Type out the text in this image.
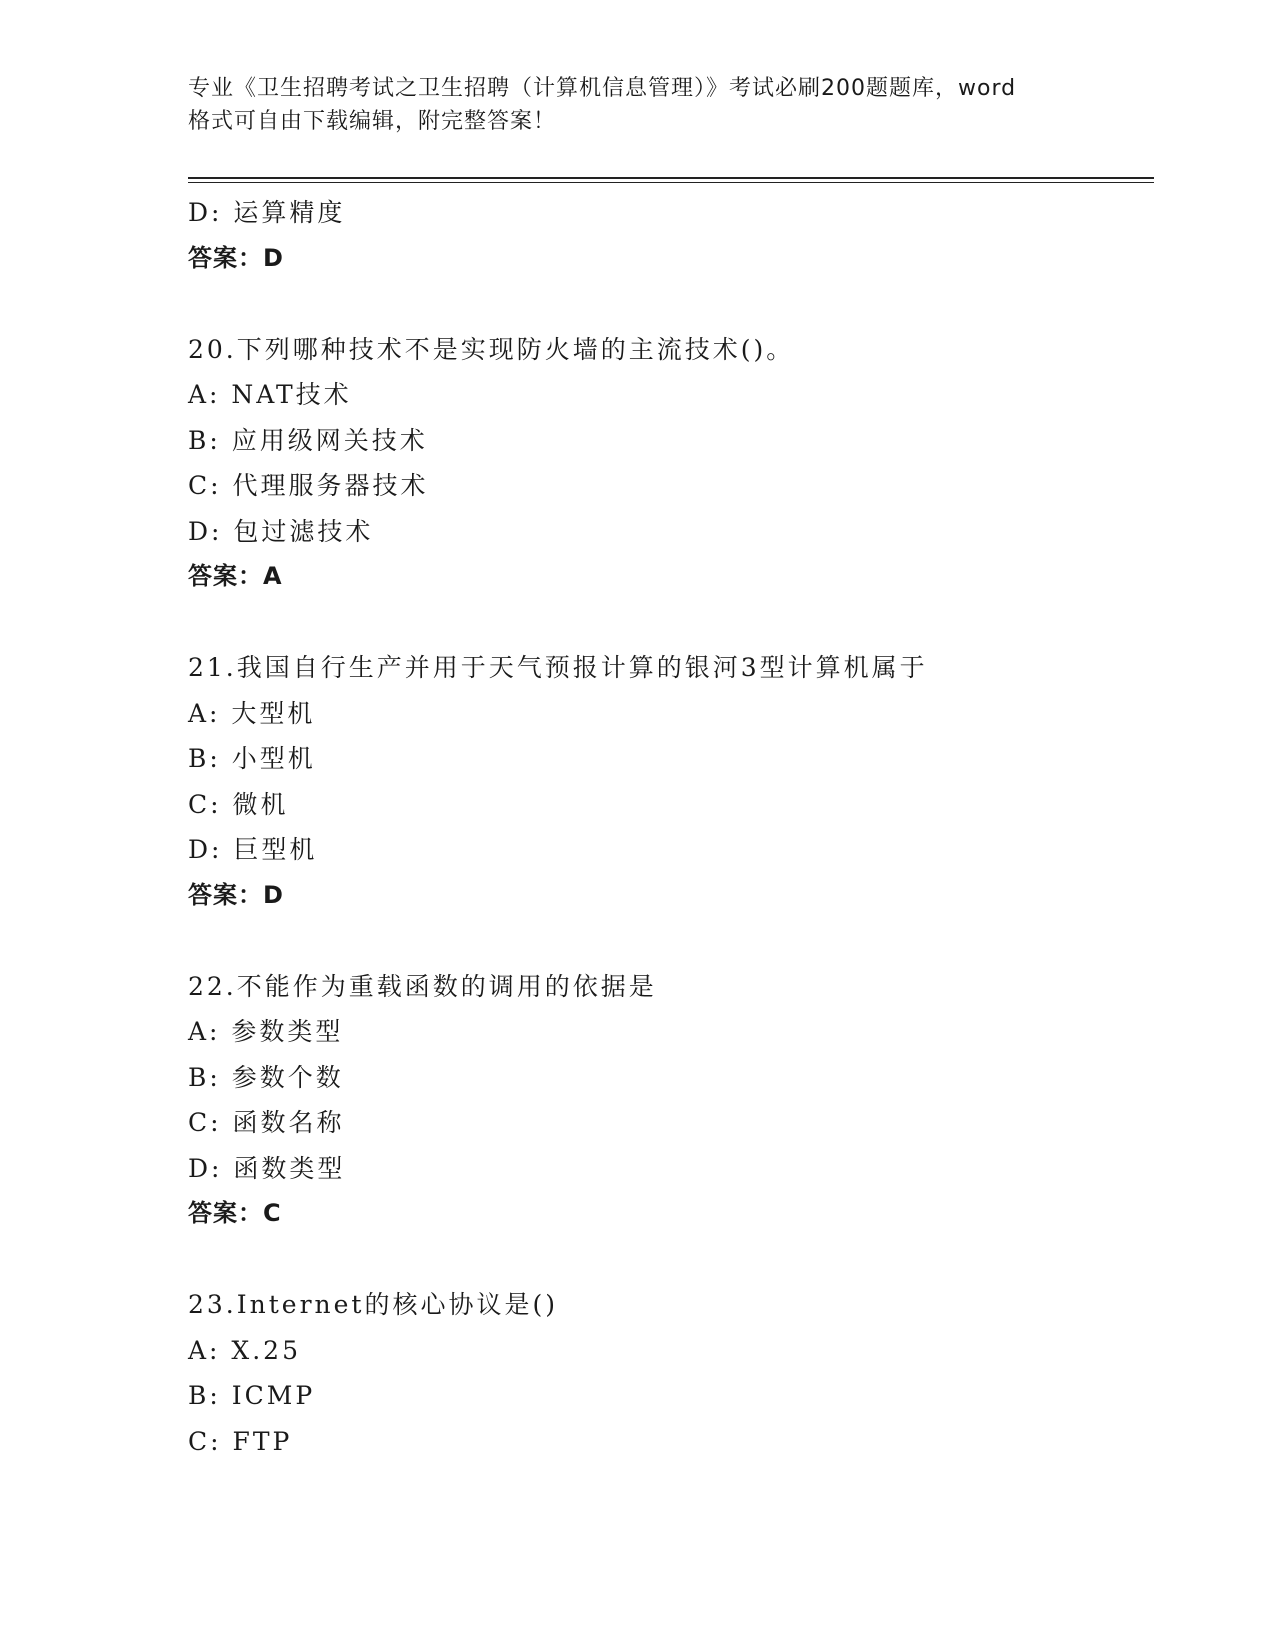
专业《卫生招聘考试之卫生招聘（计算机信息管理）》考试必刷200题题库，word
格式可自由下载编辑，附完整答案！
D: 运算精度
答案：D
20.下列哪种技术不是实现防火墙的主流技术()。
A: NAT技术
B: 应用级网关技术
C: 代理服务器技术
D: 包过滤技术
答案：A
21.我国自行生产并用于天气预报计算的银河3型计算机属于
A: 大型机
B: 小型机
C: 微机
D: 巨型机
答案：D
22.不能作为重载函数的调用的依据是
A: 参数类型
B: 参数个数
C: 函数名称
D: 函数类型
答案：C
23.Internet的核心协议是()
A: X.25
B: ICMP
C: FTP
